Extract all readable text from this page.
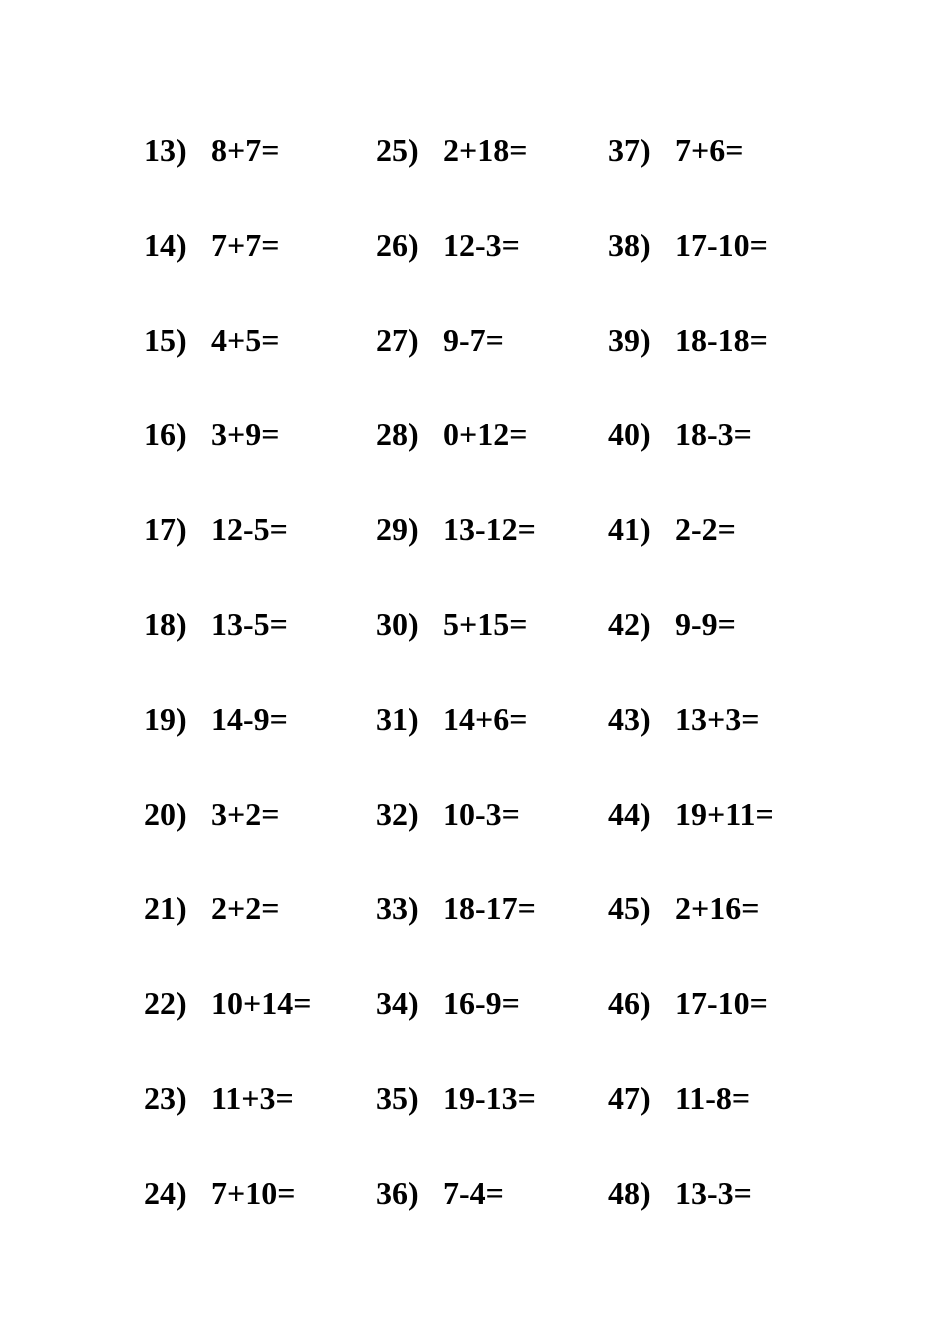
13) 8+7=
14) 7+7=
15) 4+5=
16) 3+9=
17) 12-5=
18) 13-5=
19) 14-9=
20) 3+2=
21) 2+2=
22) 10+14=
23) 11+3=
24) 7+10=
25) 2+18=
26) 12-3=
27) 9-7=
28) 0+12=
29) 13-12=
30) 5+15=
31) 14+6=
32) 10-3=
33) 18-17=
34) 16-9=
35) 19-13=
36) 7-4=
37) 7+6=
38) 17-10=
39) 18-18=
40) 18-3=
41) 2-2=
42) 9-9=
43) 13+3=
44) 19+11=
45) 2+16=
46) 17-10=
47) 11-8=
48) 13-3=
